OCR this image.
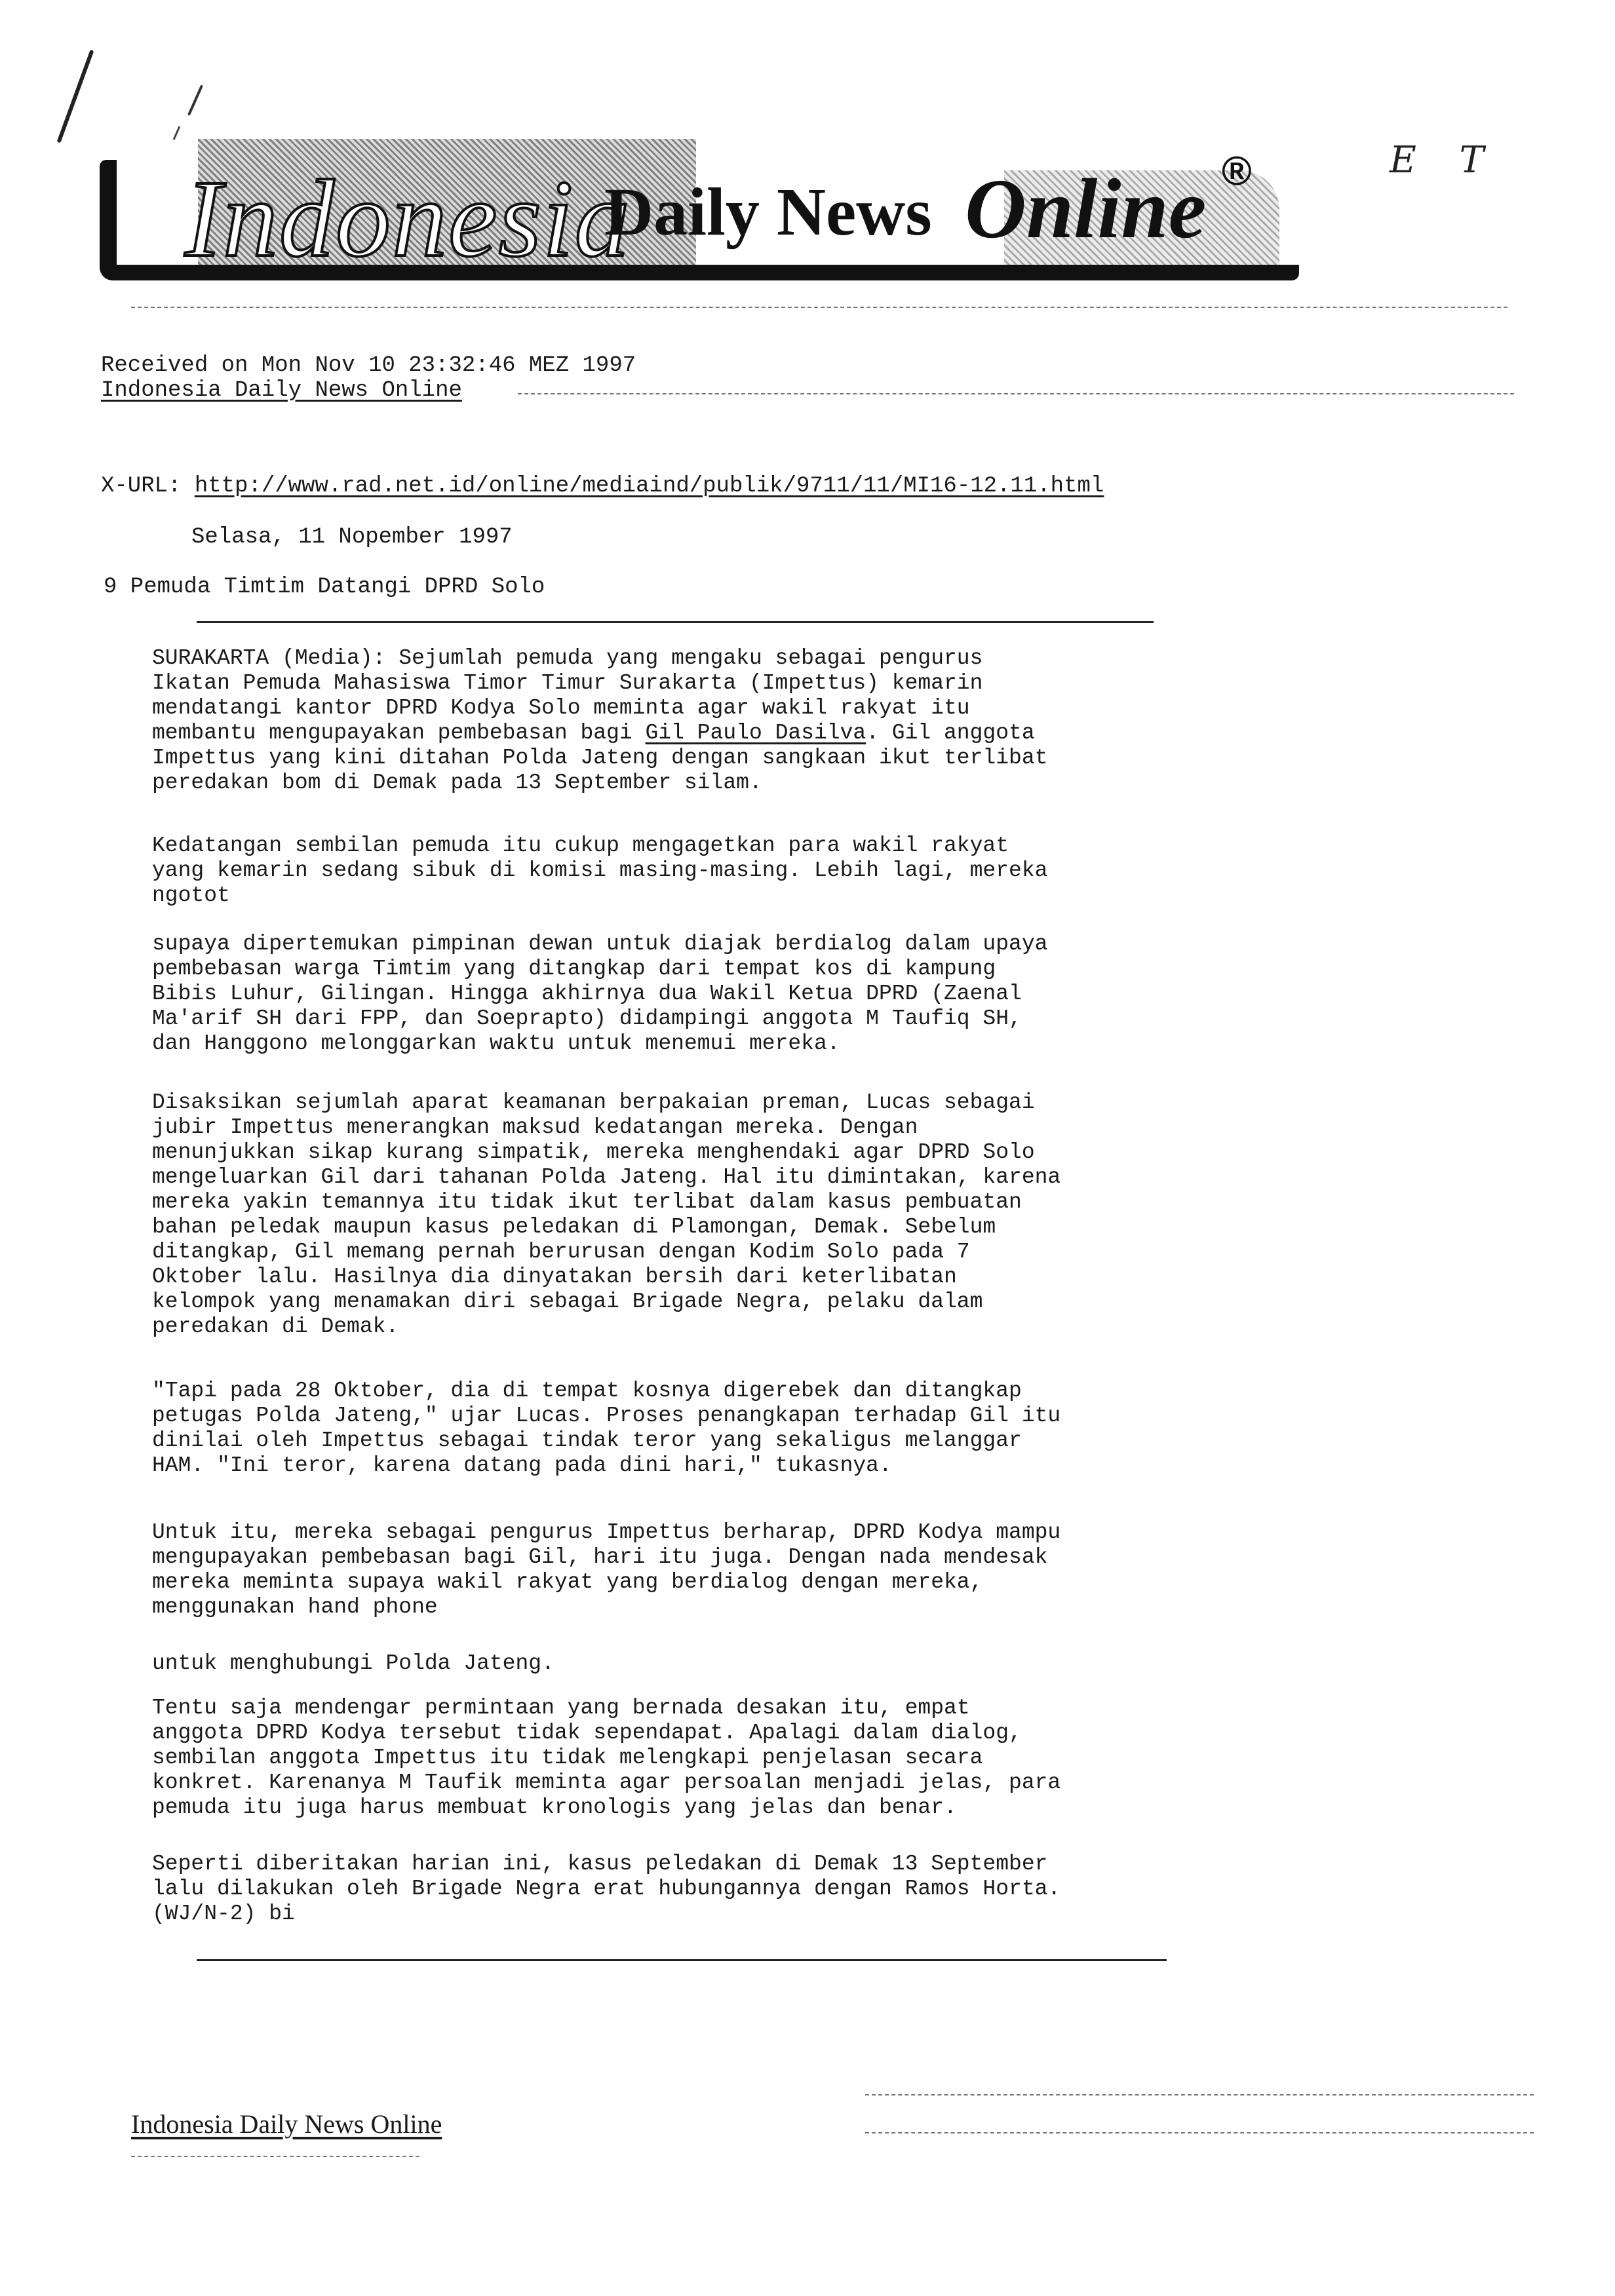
E T
Indonesia
Daily News Online ®
Received on Mon Nov 10 23:32:46 MEZ 1997
Indonesia Daily News Online
X-URL: http://www.rad.net.id/online/mediaind/publik/9711/11/MI16-12.11.html
Selasa, 11 Nopember 1997
9 Pemuda Timtim Datangi DPRD Solo
SURAKARTA (Media): Sejumlah pemuda yang mengaku sebagai pengurus
Ikatan Pemuda Mahasiswa Timor Timur Surakarta (Impettus) kemarin
mendatangi kantor DPRD Kodya Solo meminta agar wakil rakyat itu
membantu mengupayakan pembebasan bagi Gil Paulo Dasilva. Gil anggota
Impettus yang kini ditahan Polda Jateng dengan sangkaan ikut terlibat
peredakan bom di Demak pada 13 September silam.
Kedatangan sembilan pemuda itu cukup mengagetkan para wakil rakyat
yang kemarin sedang sibuk di komisi masing-masing. Lebih lagi, mereka
ngotot
supaya dipertemukan pimpinan dewan untuk diajak berdialog dalam upaya
pembebasan warga Timtim yang ditangkap dari tempat kos di kampung
Bibis Luhur, Gilingan. Hingga akhirnya dua Wakil Ketua DPRD (Zaenal
Ma'arif SH dari FPP, dan Soeprapto) didampingi anggota M Taufiq SH,
dan Hanggono melonggarkan waktu untuk menemui mereka.
Disaksikan sejumlah aparat keamanan berpakaian preman, Lucas sebagai
jubir Impettus menerangkan maksud kedatangan mereka. Dengan
menunjukkan sikap kurang simpatik, mereka menghendaki agar DPRD Solo
mengeluarkan Gil dari tahanan Polda Jateng. Hal itu dimintakan, karena
mereka yakin temannya itu tidak ikut terlibat dalam kasus pembuatan
bahan peledak maupun kasus peledakan di Plamongan, Demak. Sebelum
ditangkap, Gil memang pernah berurusan dengan Kodim Solo pada 7
Oktober lalu. Hasilnya dia dinyatakan bersih dari keterlibatan
kelompok yang menamakan diri sebagai Brigade Negra, pelaku dalam
peredakan di Demak.
"Tapi pada 28 Oktober, dia di tempat kosnya digerebek dan ditangkap
petugas Polda Jateng," ujar Lucas. Proses penangkapan terhadap Gil itu
dinilai oleh Impettus sebagai tindak teror yang sekaligus melanggar
HAM. "Ini teror, karena datang pada dini hari," tukasnya.
Untuk itu, mereka sebagai pengurus Impettus berharap, DPRD Kodya mampu
mengupayakan pembebasan bagi Gil, hari itu juga. Dengan nada mendesak
mereka meminta supaya wakil rakyat yang berdialog dengan mereka,
menggunakan hand phone
untuk menghubungi Polda Jateng.
Tentu saja mendengar permintaan yang bernada desakan itu, empat
anggota DPRD Kodya tersebut tidak sependapat. Apalagi dalam dialog,
sembilan anggota Impettus itu tidak melengkapi penjelasan secara
konkret. Karenanya M Taufik meminta agar persoalan menjadi jelas, para
pemuda itu juga harus membuat kronologis yang jelas dan benar.
Seperti diberitakan harian ini, kasus peledakan di Demak 13 September
lalu dilakukan oleh Brigade Negra erat hubungannya dengan Ramos Horta.
(WJ/N-2) bi
Indonesia Daily News Online
